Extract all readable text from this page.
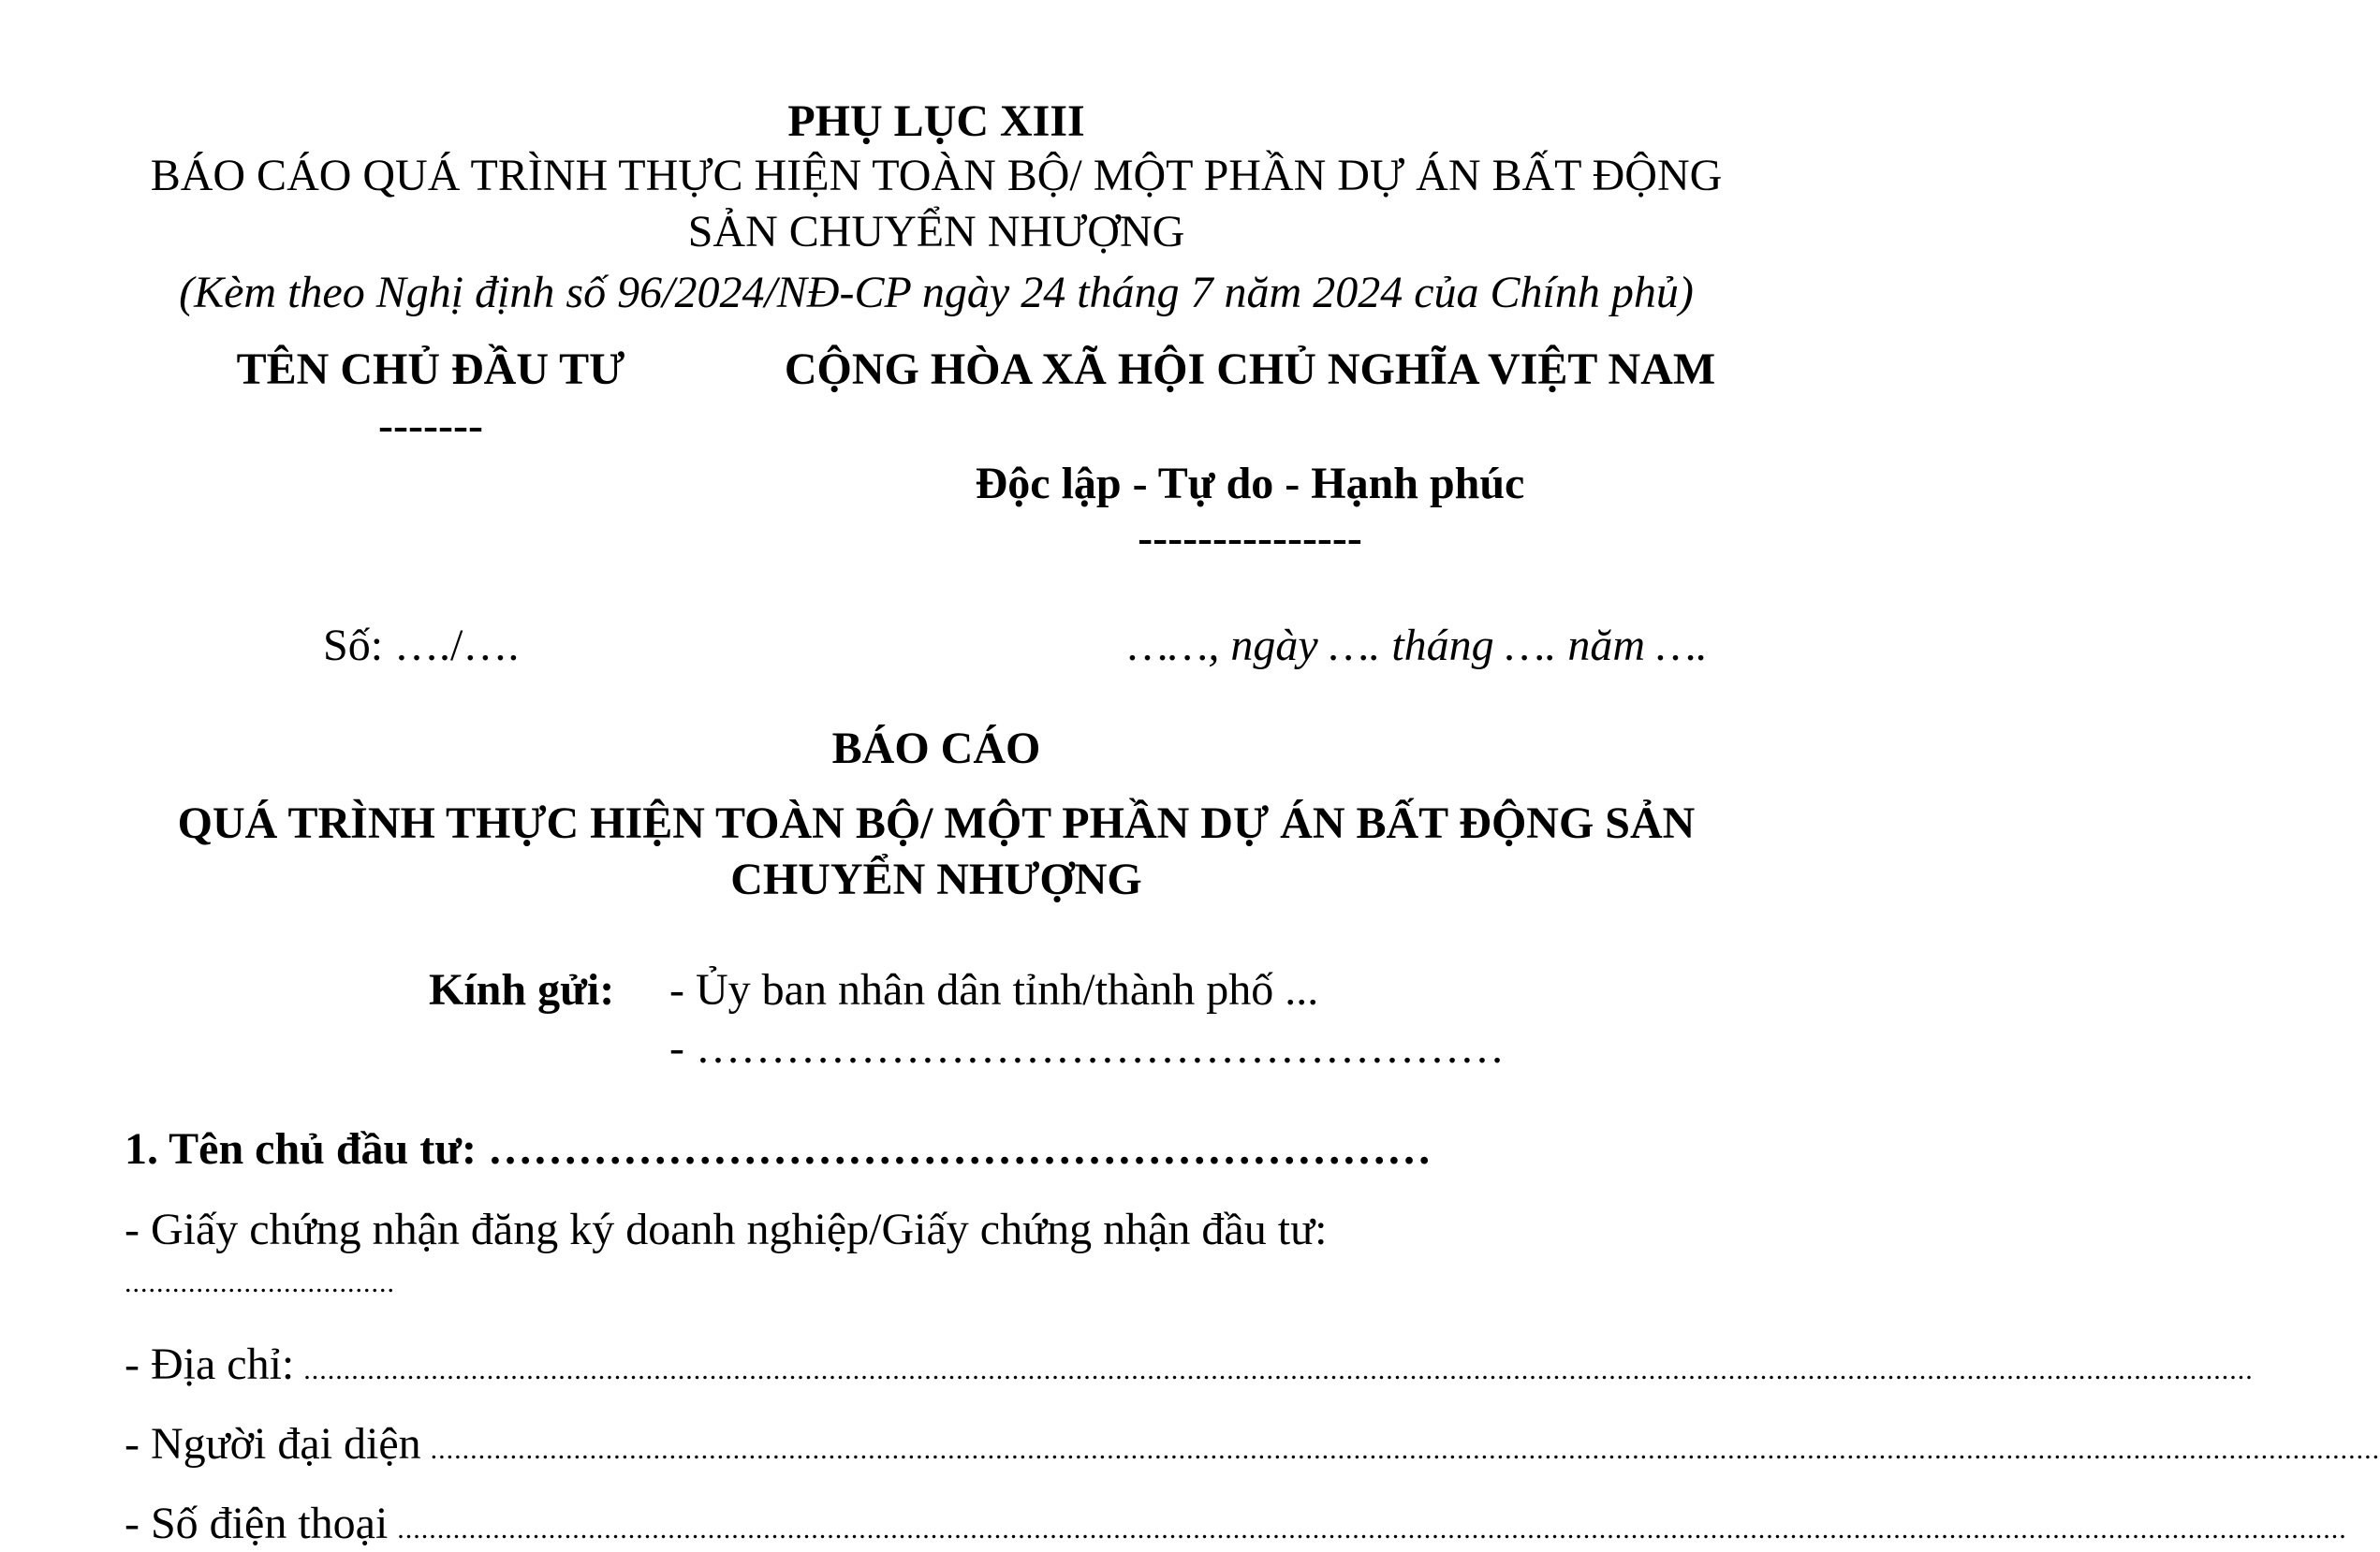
PHỤ LỤC XIII
BÁO CÁO QUÁ TRÌNH THỰC HIỆN TOÀN BỘ/ MỘT PHẦN DỰ ÁN BẤT ĐỘNG SẢN CHUYỂN NHƯỢNG
(Kèm theo Nghị định số 96/2024/NĐ-CP ngày 24 tháng 7 năm 2024 của Chính phủ)
TÊN CHỦ ĐẦU TƯ
-------
CỘNG HÒA XÃ HỘI CHỦ NGHĨA VIỆT NAM
Độc lập - Tự do - Hạnh phúc
---------------
Số: …./….	……, ngày …. tháng …. năm ….
BÁO CÁO
QUÁ TRÌNH THỰC HIỆN TOÀN BỘ/ MỘT PHẦN DỰ ÁN BẤT ĐỘNG SẢN CHUYỂN NHƯỢNG
Kính gửi: - Ủy ban nhân dân tỉnh/thành phố ...
- ………………………………………………
1. Tên chủ đầu tư: ………………………………………………………
- Giấy chứng nhận đăng ký doanh nghiệp/Giấy chứng nhận đầu tư:
..................................
- Địa chỉ: .....................................................................................................................................................................................................................................................
- Người đại diện .....................................................................................................................................................................................................................................................
- Số điện thoại .....................................................................................................................................................................................................................................................
